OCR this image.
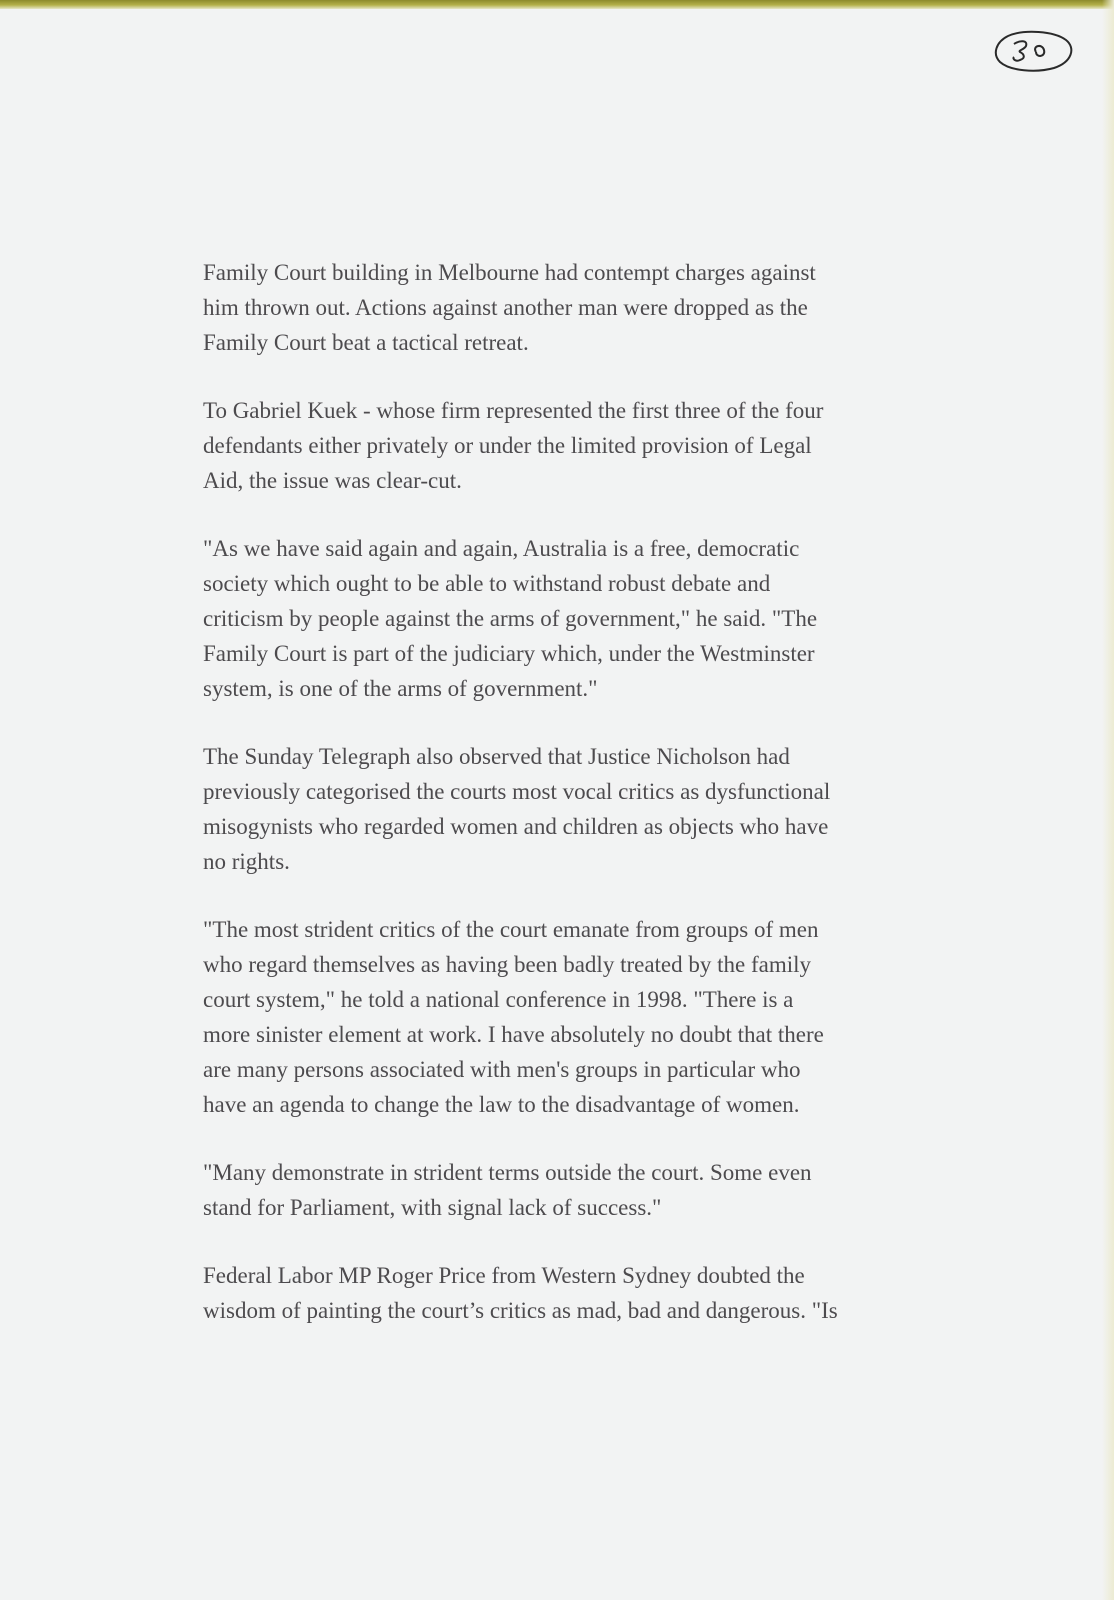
Family Court building in Melbourne had contempt charges against
him thrown out. Actions against another man were dropped as the
Family Court beat a tactical retreat.

To Gabriel Kuek - whose firm represented the first three of the four
defendants either privately or under the limited provision of Legal
Aid, the issue was clear-cut.

"As we have said again and again, Australia is a free, democratic
society which ought to be able to withstand robust debate and
criticism by people against the arms of government," he said. "The
Family Court is part of the judiciary which, under the Westminster
system, is one of the arms of government."

The Sunday Telegraph also observed that Justice Nicholson had
previously categorised the courts most vocal critics as dysfunctional
misogynists who regarded women and children as objects who have
no rights.

"The most strident critics of the court emanate from groups of men
who regard themselves as having been badly treated by the family
court system," he told a national conference in 1998. "There is a
more sinister element at work. I have absolutely no doubt that there
are many persons associated with men's groups in particular who
have an agenda to change the law to the disadvantage of women.

"Many demonstrate in strident terms outside the court. Some even
stand for Parliament, with signal lack of success."

Federal Labor MP Roger Price from Western Sydney doubted the
wisdom of painting the court’s critics as mad, bad and dangerous. "Is
